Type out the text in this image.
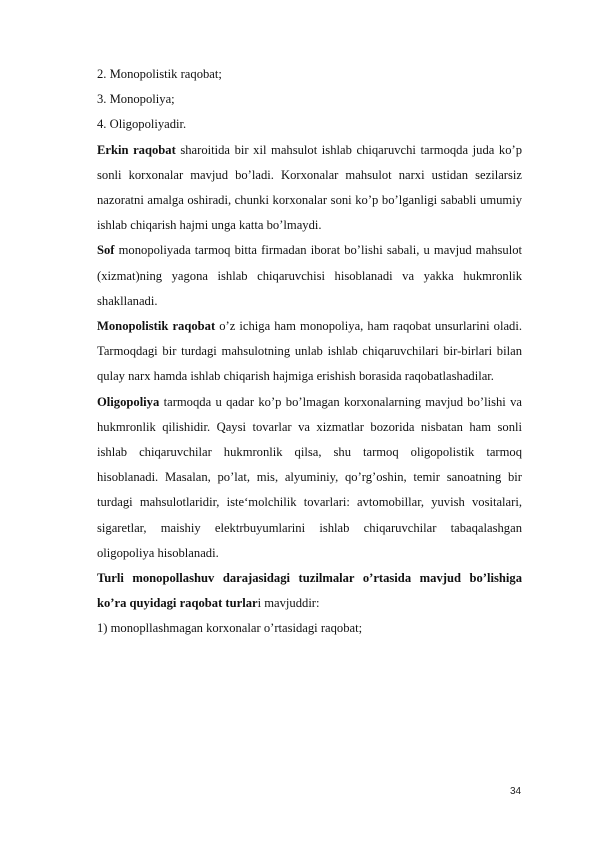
2. Monopolistik raqobat;

3. Monopoliya;

4. Oligopoliyadir.

Erkin raqobat sharoitida bir xil mahsulot ishlab chiqaruvchi tarmoqda juda ko’p sonli korxonalar mavjud bo’ladi. Korxonalar mahsulot narxi ustidan sezilarsiz nazoratni amalga oshiradi, chunki korxonalar soni ko’p bo’lganligi sababli umumiy ishlab chiqarish hajmi unga katta bo’lmaydi.

Sof monopoliyada tarmoq bitta firmadan iborat bo’lishi sabali, u mavjud mahsulot (xizmat)ning yagona ishlab chiqaruvchisi hisoblanadi va yakka hukmronlik shakllanadi.

Monopolistik raqobat o’z ichiga ham monopoliya, ham raqobat unsurlarini oladi. Tarmoqdagi bir turdagi mahsulotning unlab ishlab chiqaruvchilari bir-birlari bilan qulay narx hamda ishlab chiqarish hajmiga erishish borasida raqobatlashadilar.

Oligopoliya tarmoqda u qadar ko’p bo’lmagan korxonalarning mavjud bo’lishi va hukmronlik qilishidir. Qaysi tovarlar va xizmatlar bozorida nisbatan ham sonli ishlab chiqaruvchilar hukmronlik qilsa, shu tarmoq oligopolistik tarmoq hisoblanadi. Masalan, po’lat, mis, alyuminiy, qo’rg’oshin, temir sanoatning bir turdagi mahsulotlaridir, iste‘molchilik tovarlari: avtomobillar, yuvish vositalari, sigaretlar, maishiy elektrbuyumlarini ishlab chiqaruvchilar tabaqalashgan oligopoliya hisoblanadi.

Turli monopollashuv darajasidagi tuzilmalar o’rtasida mavjud bo’lishiga ko’ra quyidagi raqobat turlari mavjuddir:

1) monopllashmagan korxonalar o’rtasidagi raqobat;

34
